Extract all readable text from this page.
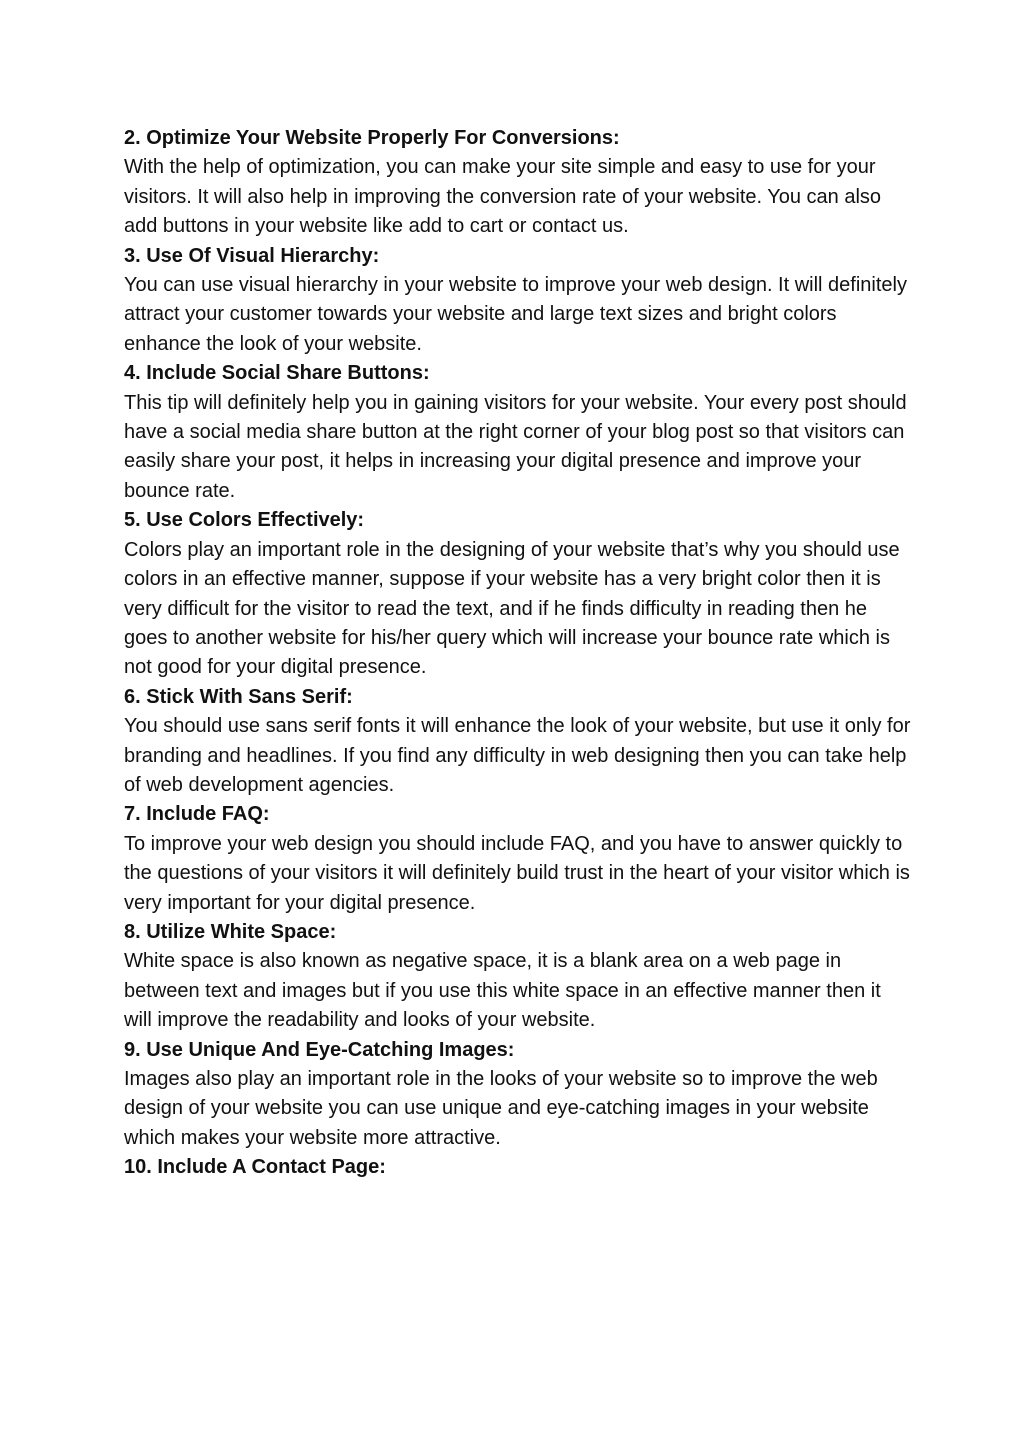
2. Optimize Your Website Properly For Conversions:
With the help of optimization, you can make your site simple and easy to use for your visitors. It will also help in improving the conversion rate of your website. You can also add buttons in your website like add to cart or contact us.
3. Use Of Visual Hierarchy:
You can use visual hierarchy in your website to improve your web design. It will definitely attract your customer towards your website and large text sizes and bright colors enhance the look of your website.
4. Include Social Share Buttons:
This tip will definitely help you in gaining visitors for your website. Your every post should have a social media share button at the right corner of your blog post so that visitors can easily share your post, it helps in increasing your digital presence and improve your bounce rate.
5. Use Colors Effectively:
Colors play an important role in the designing of your website that’s why you should use colors in an effective manner, suppose if your website has a very bright color then it is very difficult for the visitor to read the text, and if he finds difficulty in reading then he goes to another website for his/her query which will increase your bounce rate which is not good for your digital presence.
6. Stick With Sans Serif:
You should use sans serif fonts it will enhance the look of your website, but use it only for branding and headlines. If you find any difficulty in web designing then you can take help of web development agencies.
7. Include FAQ:
To improve your web design you should include FAQ, and you have to answer quickly to the questions of your visitors it will definitely build trust in the heart of your visitor which is very important for your digital presence.
8. Utilize White Space:
White space is also known as negative space, it is a blank area on a web page in between text and images but if you use this white space in an effective manner then it will improve the readability and looks of your website.
9. Use Unique And Eye-Catching Images:
Images also play an important role in the looks of your website so to improve the web design of your website you can use unique and eye-catching images in your website which makes your website more attractive.
10. Include A Contact Page:
